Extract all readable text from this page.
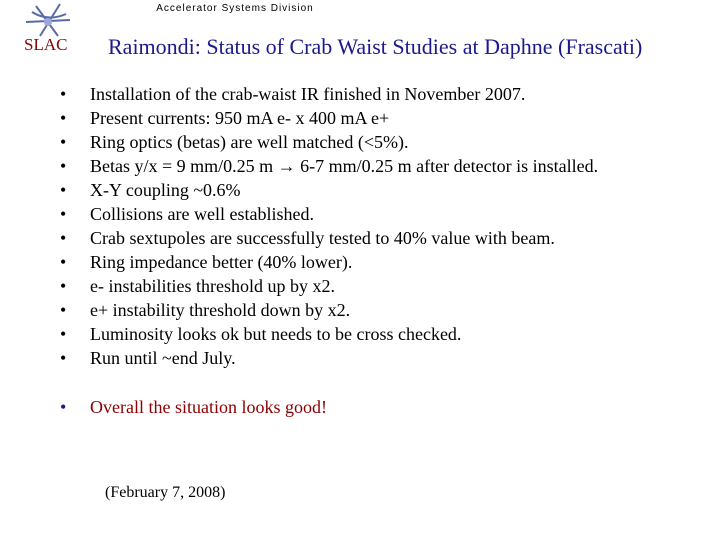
Accelerator Systems Division
SLAC Raimondi: Status of Crab Waist Studies at Daphne (Frascati)
•	Installation of the crab-waist IR finished in November 2007.
•	Present currents: 950 mA e- x 400 mA e+
•	Ring optics (betas) are well matched (<5%).
•	Betas y/x = 9 mm/0.25 m → 6-7 mm/0.25 m after detector is installed.
•	X-Y coupling ~0.6%
•	Collisions are well established.
•	Crab sextupoles are successfully tested to 40% value with beam.
•	Ring impedance better (40% lower).
•	e- instabilities threshold up by x2.
•	e+ instability threshold down by x2.
•	Luminosity looks ok but needs to be cross checked.
•	Run until ~end July.
•	Overall the situation looks good!
(February 7, 2008)
